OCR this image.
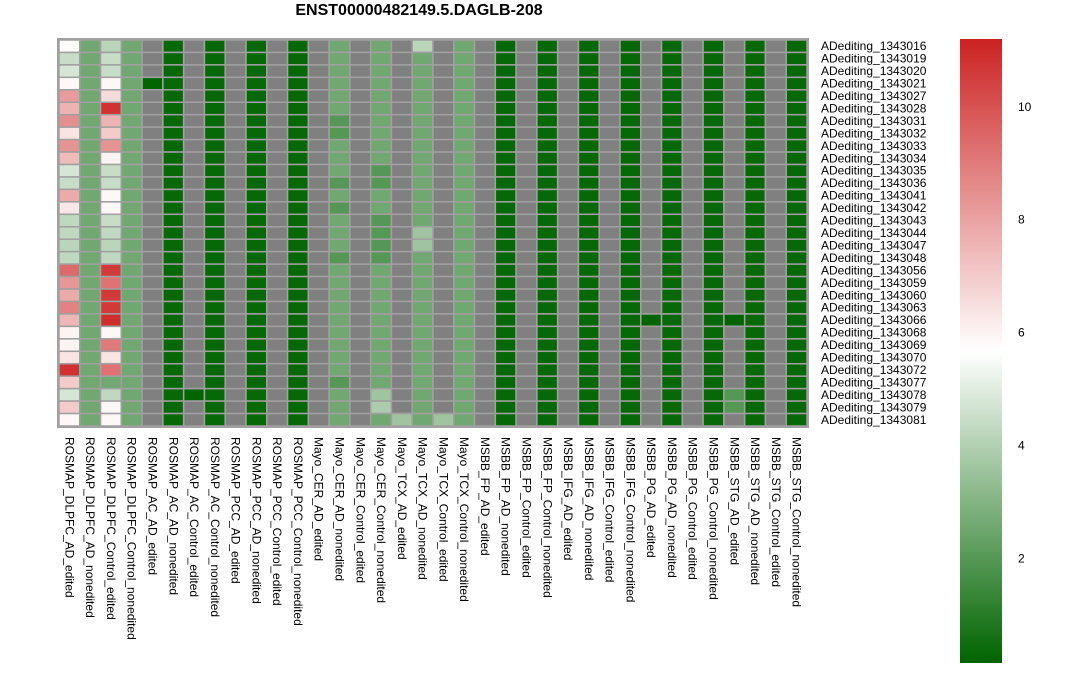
ENST00000482149.5.DAGLB-208
ADediting_1343016
ADediting_1343019
ADediting_1343020
ADediting_1343021
ADediting_1343027
ADediting_1343028
ADediting_1343031
ADediting_1343032
ADediting_1343033
ADediting_1343034
ADediting_1343035
ADediting_1343036
ADediting_1343041
ADediting_1343042
ADediting_1343043
ADediting_1343044
ADediting_1343047
ADediting_1343048
ADediting_1343056
ADediting_1343059
ADediting_1343060
ADediting_1343063
ADediting_1343066
ADediting_1343068
ADediting_1343069
ADediting_1343070
ADediting_1343072
ADediting_1343077
ADediting_1343078
ADediting_1343079
ADediting_1343081
ROSMAP_DLPFC_AD_edited ROSMAP_DLPFC_AD_nonedited ROSMAP_DLPFC_Control_edited ROSMAP_DLPFC_Control_nonedited ROSMAP_AC_AD_edited ROSMAP_AC_AD_nonedited ROSMAP_AC_Control_edited ROSMAP_AC_Control_nonedited ROSMAP_PCC_AD_edited ROSMAP_PCC_AD_nonedited ROSMAP_PCC_Control_edited ROSMAP_PCC_Control_nonedited Mayo_CER_AD_edited Mayo_CER_AD_nonedited Mayo_CER_Control_edited Mayo_CER_Control_nonedited Mayo_TCX_AD_edited Mayo_TCX_AD_nonedited Mayo_TCX_Control_edited Mayo_TCX_Control_nonedited MSBB_FP_AD_edited MSBB_FP_AD_nonedited MSBB_FP_Control_edited MSBB_FP_Control_nonedited MSBB_IFG_AD_edited MSBB_IFG_AD_nonedited MSBB_IFG_Control_edited MSBB_IFG_Control_nonedited MSBB_PG_AD_edited MSBB_PG_AD_nonedited MSBB_PG_Control_edited MSBB_PG_Control_nonedited MSBB_STG_AD_edited MSBB_STG_AD_nonedited MSBB_STG_Control_edited MSBB_STG_Control_nonedited	2
4
6
8
10
